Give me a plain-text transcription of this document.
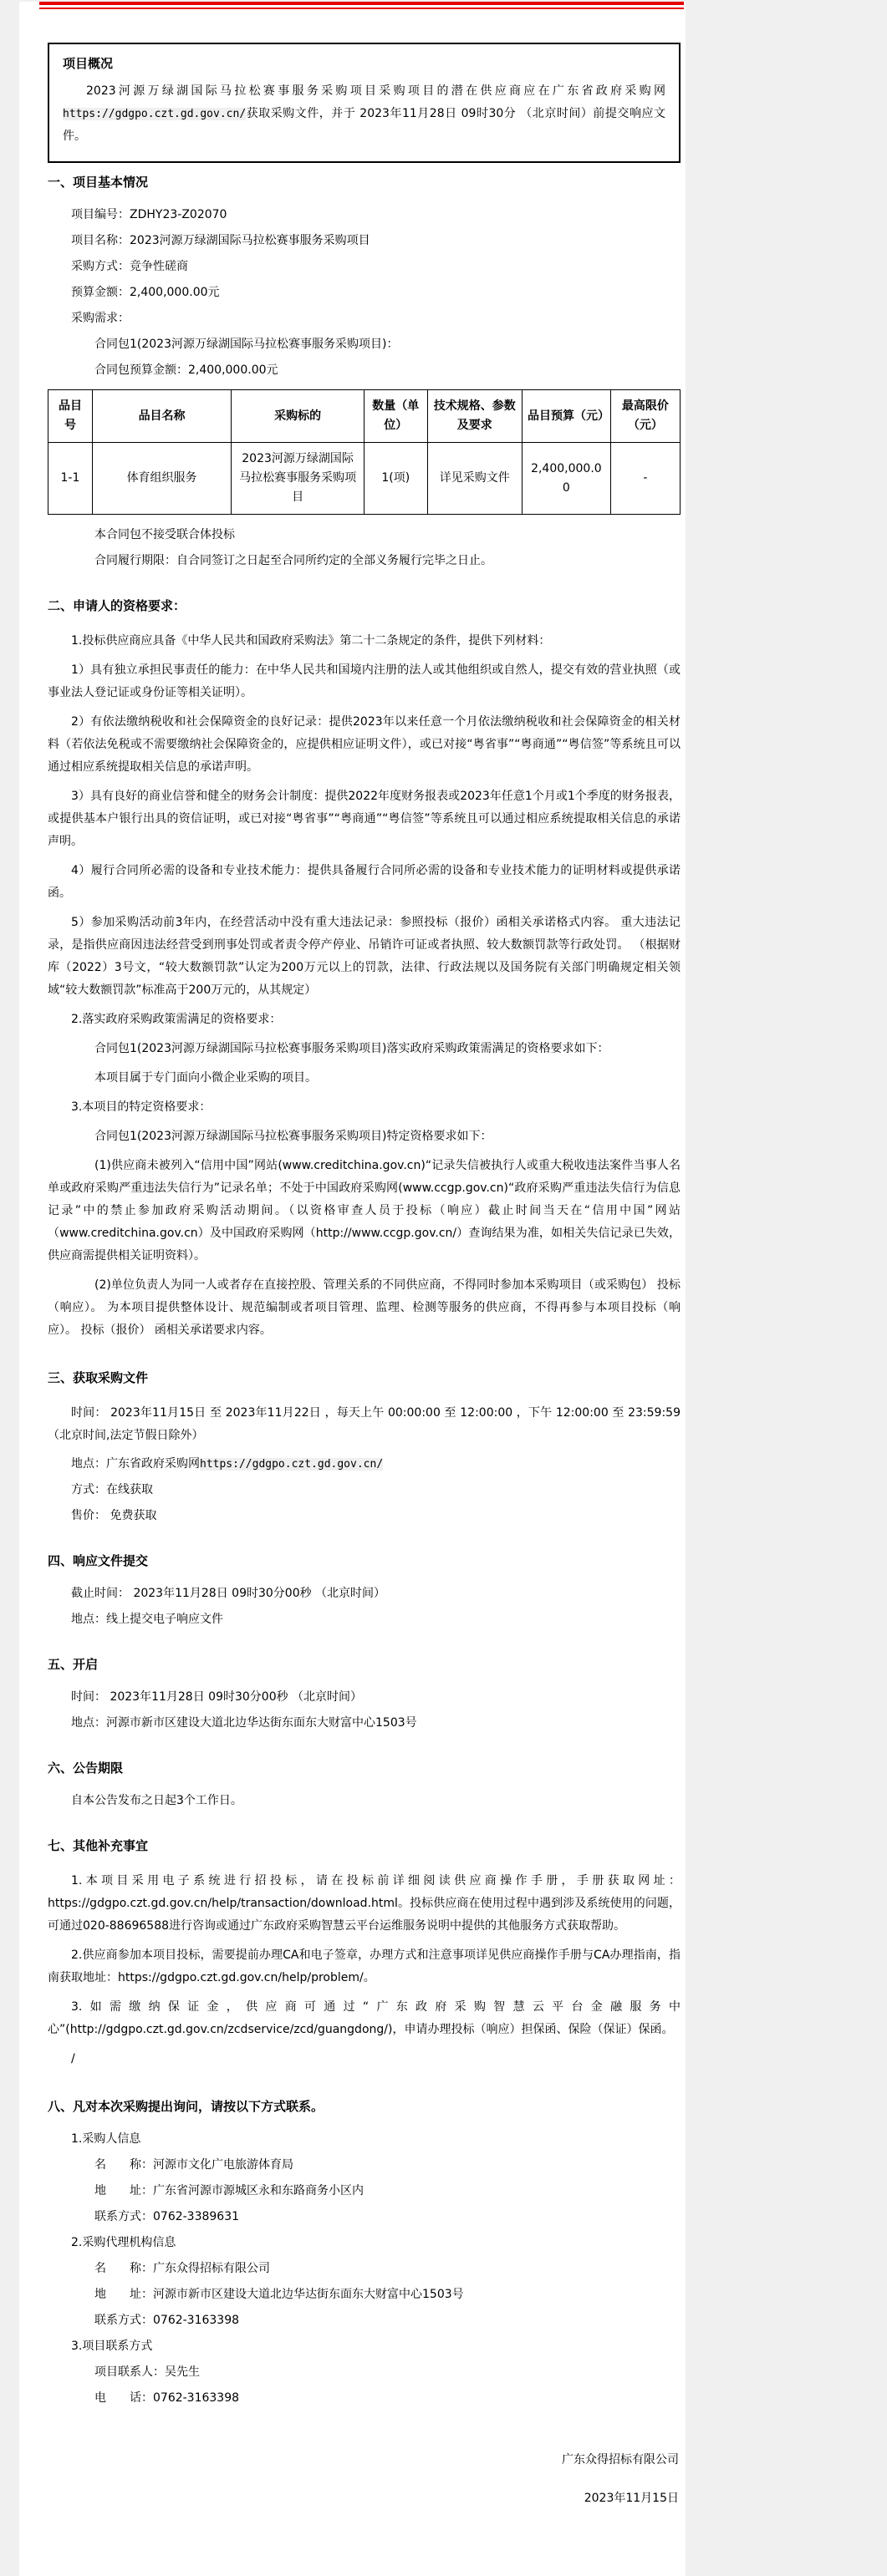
项目概况
2023河源万绿湖国际马拉松赛事服务采购项目采购项目的潜在供应商应在广东省政府采购网https://gdgpo.czt.gd.gov.cn/获取采购文件，并于 2023年11月28日 09时30分 （北京时间）前提交响应文件。
一、项目基本情况
项目编号：ZDHY23-Z02070
项目名称：2023河源万绿湖国际马拉松赛事服务采购项目
采购方式：竞争性磋商
预算金额：2,400,000.00元
采购需求：
合同包1(2023河源万绿湖国际马拉松赛事服务采购项目)：
合同包预算金额：2,400,000.00元
品目号	品目名称	采购标的	数量（单位）	技术规格、参数及要求	品目预算（元）	最高限价（元）
1-1	体育组织服务	2023河源万绿湖国际马拉松赛事服务采购项目	1(项)	详见采购文件	2,400,000.00	-
本合同包不接受联合体投标
合同履行期限：自合同签订之日起至合同所约定的全部义务履行完毕之日止。
二、申请人的资格要求：
1.投标供应商应具备《中华人民共和国政府采购法》第二十二条规定的条件，提供下列材料：
1）具有独立承担民事责任的能力：在中华人民共和国境内注册的法人或其他组织或自然人，提交有效的营业执照（或事业法人登记证或身份证等相关证明）。
2）有依法缴纳税收和社会保障资金的良好记录：提供2023年以来任意一个月依法缴纳税收和社会保障资金的相关材料（若依法免税或不需要缴纳社会保障资金的，应提供相应证明文件），或已对接“粤省事”“粤商通”“粤信签”等系统且可以通过相应系统提取相关信息的承诺声明。
3）具有良好的商业信誉和健全的财务会计制度：提供2022年度财务报表或2023年任意1个月或1个季度的财务报表，或提供基本户银行出具的资信证明，或已对接“粤省事”“粤商通”“粤信签”等系统且可以通过相应系统提取相关信息的承诺声明。
4）履行合同所必需的设备和专业技术能力：提供具备履行合同所必需的设备和专业技术能力的证明材料或提供承诺函。
5）参加采购活动前3年内，在经营活动中没有重大违法记录：参照投标（报价）函相关承诺格式内容。 重大违法记录，是指供应商因违法经营受到刑事处罚或者责令停产停业、吊销许可证或者执照、较大数额罚款等行政处罚。 （根据财库（2022）3号文，“较大数额罚款”认定为200万元以上的罚款，法律、行政法规以及国务院有关部门明确规定相关领域“较大数额罚款”标准高于200万元的，从其规定）
2.落实政府采购政策需满足的资格要求：
合同包1(2023河源万绿湖国际马拉松赛事服务采购项目)落实政府采购政策需满足的资格要求如下：
本项目属于专门面向小微企业采购的项目。
3.本项目的特定资格要求：
合同包1(2023河源万绿湖国际马拉松赛事服务采购项目)特定资格要求如下：
(1)供应商未被列入“信用中国”网站(www.creditchina.gov.cn)“记录失信被执行人或重大税收违法案件当事人名单或政府采购严重违法失信行为”记录名单；不处于中国政府采购网(www.ccgp.gov.cn)“政府采购严重违法失信行为信息记录”中的禁止参加政府采购活动期间。（以资格审查人员于投标（响应）截止时间当天在“信用中国”网站（www.creditchina.gov.cn）及中国政府采购网（http://www.ccgp.gov.cn/）查询结果为准，如相关失信记录已失效，供应商需提供相关证明资料）。
(2)单位负责人为同一人或者存在直接控股、管理关系的不同供应商，不得同时参加本采购项目（或采购包） 投标（响应）。 为本项目提供整体设计、规范编制或者项目管理、监理、检测等服务的供应商，不得再参与本项目投标（响应）。 投标（报价） 函相关承诺要求内容。
三、获取采购文件
时间： 2023年11月15日 至 2023年11月22日 ，每天上午 00:00:00 至 12:00:00 ，下午 12:00:00 至 23:59:59（北京时间,法定节假日除外）
地点：广东省政府采购网https://gdgpo.czt.gd.gov.cn/
方式：在线获取
售价： 免费获取
四、响应文件提交
截止时间： 2023年11月28日 09时30分00秒 （北京时间）
地点：线上提交电子响应文件
五、开启
时间： 2023年11月28日 09时30分00秒 （北京时间）
地点：河源市新市区建设大道北边华达街东面东大财富中心1503号
六、公告期限
自本公告发布之日起3个工作日。
七、其他补充事宜
1.本项目采用电子系统进行招投标，请在投标前详细阅读供应商操作手册，手册获取网址：https://gdgpo.czt.gd.gov.cn/help/transaction/download.html。投标供应商在使用过程中遇到涉及系统使用的问题，可通过020-88696588进行咨询或通过广东政府采购智慧云平台运维服务说明中提供的其他服务方式获取帮助。
2.供应商参加本项目投标，需要提前办理CA和电子签章，办理方式和注意事项详见供应商操作手册与CA办理指南，指南获取地址：https://gdgpo.czt.gd.gov.cn/help/problem/。
3.如需缴纳保证金，供应商可通过“广东政府采购智慧云平台金融服务中心”(http://gdgpo.czt.gd.gov.cn/zcdservice/zcd/guangdong/)，申请办理投标（响应）担保函、保险（保证）保函。
/
八、凡对本次采购提出询问，请按以下方式联系。
1.采购人信息
名　　称：河源市文化广电旅游体育局
地　　址：广东省河源市源城区永和东路商务小区内
联系方式：0762-3389631
2.采购代理机构信息
名　　称：广东众得招标有限公司
地　　址：河源市新市区建设大道北边华达街东面东大财富中心1503号
联系方式：0762-3163398
3.项目联系方式
项目联系人：吴先生
电　　话：0762-3163398
广东众得招标有限公司
2023年11月15日
